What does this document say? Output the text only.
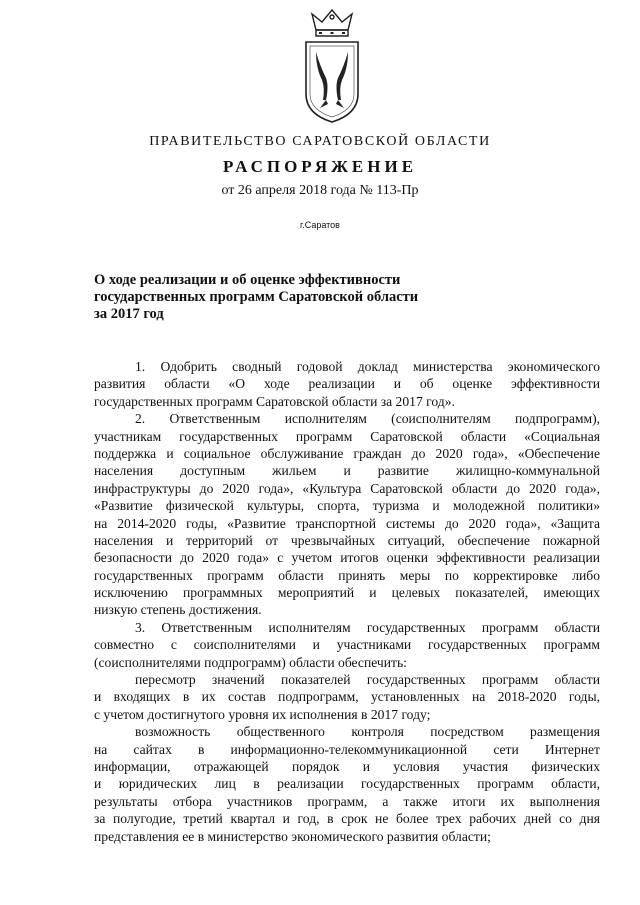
ПРАВИТЕЛЬСТВО САРАТОВСКОЙ ОБЛАСТИ
РАСПОРЯЖЕНИЕ
от 26 апреля 2018 года № 113-Пр
г.Саратов
О ходе реализации и об оценке эффективности
государственных программ Саратовской области
за 2017 год
1. Одобрить сводный годовой доклад министерства экономического
развития области «О ходе реализации и об оценке эффективности
государственных программ Саратовской области за 2017 год».
2. Ответственным исполнителям (соисполнителям подпрограмм),
участникам государственных программ Саратовской области «Социальная
поддержка и социальное обслуживание граждан до 2020 года», «Обеспечение
населения доступным жильем и развитие жилищно-коммунальной
инфраструктуры до 2020 года», «Культура Саратовской области до 2020 года»,
«Развитие физической культуры, спорта, туризма и молодежной политики»
на 2014-2020 годы, «Развитие транспортной системы до 2020 года», «Защита
населения и территорий от чрезвычайных ситуаций, обеспечение пожарной
безопасности до 2020 года» с учетом итогов оценки эффективности реализации
государственных программ области принять меры по корректировке либо
исключению программных мероприятий и целевых показателей, имеющих
низкую степень достижения.
3. Ответственным исполнителям государственных программ области
совместно с соисполнителями и участниками государственных программ
(соисполнителями подпрограмм) области обеспечить:
пересмотр значений показателей государственных программ области
и входящих в их состав подпрограмм, установленных на 2018-2020 годы,
с учетом достигнутого уровня их исполнения в 2017 году;
возможность общественного контроля посредством размещения
на сайтах в информационно-телекоммуникационной сети Интернет
информации, отражающей порядок и условия участия физических
и юридических лиц в реализации государственных программ области,
результаты отбора участников программ, а также итоги их выполнения
за полугодие, третий квартал и год, в срок не более трех рабочих дней со дня
представления ее в министерство экономического развития области;
